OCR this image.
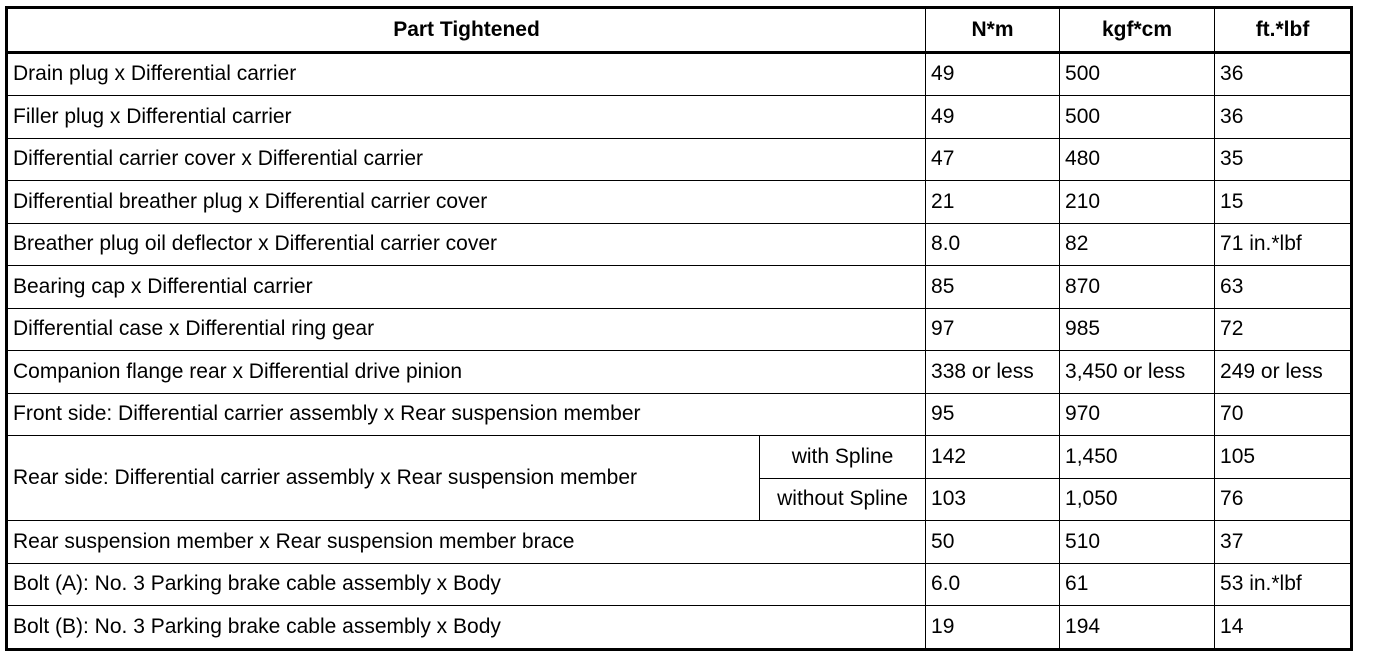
Part Tightened		N*m	kgf*cm	ft.*lbf
Drain plug x Differential carrier		49	500	36
Filler plug x Differential carrier		49	500	36
Differential carrier cover x Differential carrier		47	480	35
Differential breather plug x Differential carrier cover		21	210	15
Breather plug oil deflector x Differential carrier cover		8.0	82	71 in.*lbf
Bearing cap x Differential carrier		85	870	63
Differential case x Differential ring gear		97	985	72
Companion flange rear x Differential drive pinion		338 or less	3,450 or less	249 or less
Front side: Differential carrier assembly x Rear suspension member		95	970	70
Rear side: Differential carrier assembly x Rear suspension member	with Spline	142	1,450	105
	without Spline	103	1,050	76
Rear suspension member x Rear suspension member brace		50	510	37
Bolt (A): No. 3 Parking brake cable assembly x Body		6.0	61	53 in.*lbf
Bolt (B): No. 3 Parking brake cable assembly x Body		19	194	14
